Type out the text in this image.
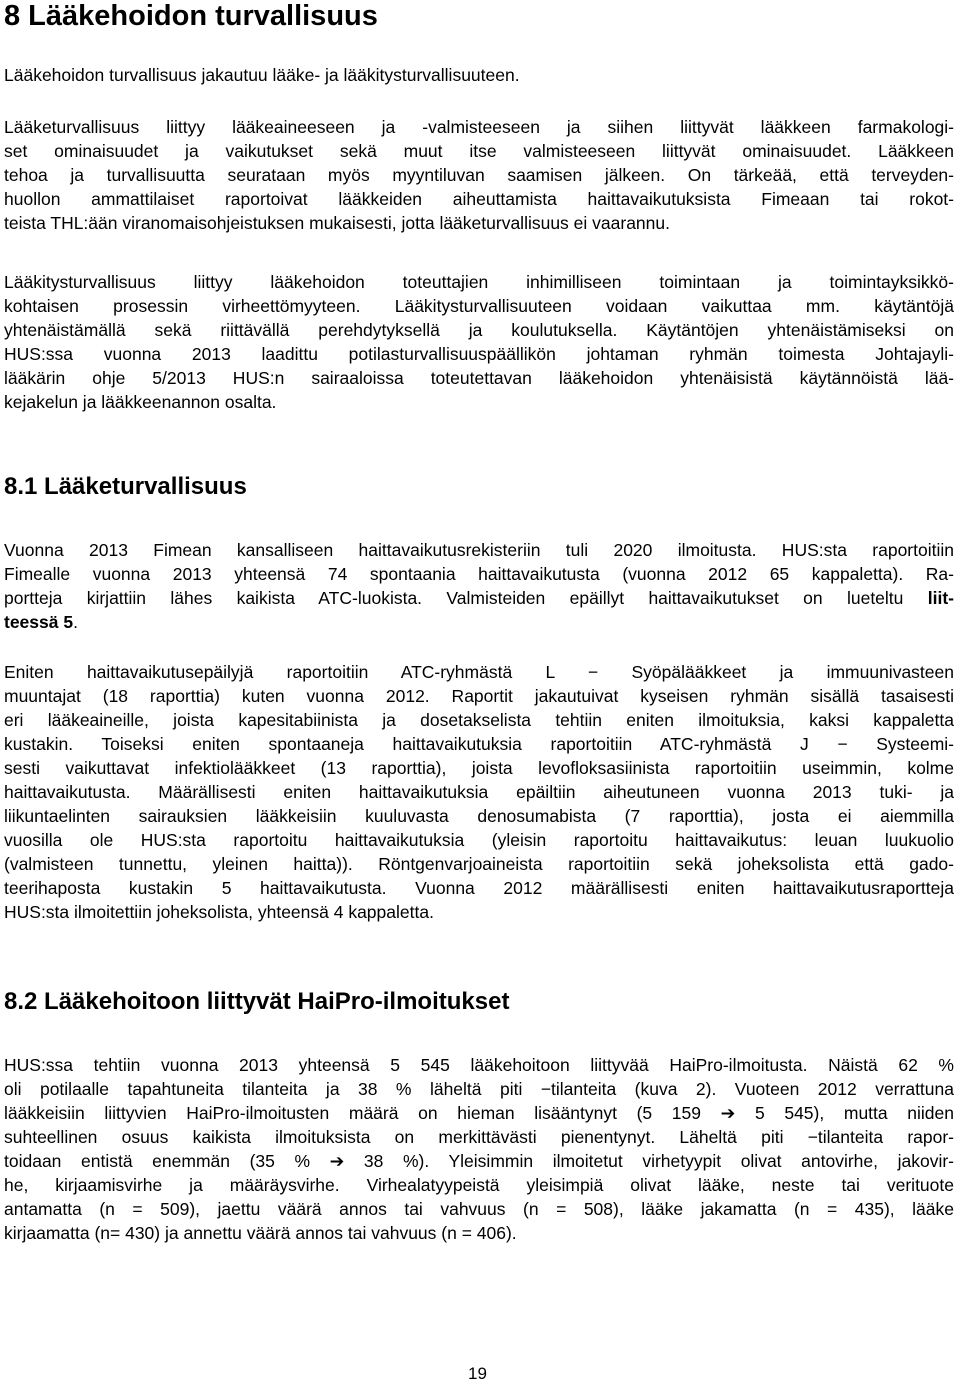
8 Lääkehoidon turvallisuus
Lääkehoidon turvallisuus jakautuu lääke- ja lääkitysturvallisuuteen.
Lääketurvallisuus liittyy lääkeaineeseen ja -valmisteeseen ja siihen liittyvät lääkkeen farmakologi-
set ominaisuudet ja vaikutukset sekä muut itse valmisteeseen liittyvät ominaisuudet. Lääkkeen
tehoa ja turvallisuutta seurataan myös myyntiluvan saamisen jälkeen. On tärkeää, että terveyden-
huollon ammattilaiset raportoivat lääkkeiden aiheuttamista haittavaikutuksista Fimeaan tai rokot-
teista THL:ään viranomaisohjeistuksen mukaisesti, jotta lääketurvallisuus ei vaarannu.
Lääkitysturvallisuus liittyy lääkehoidon toteuttajien inhimilliseen toimintaan ja toimintayksikkö-
kohtaisen prosessin virheettömyyteen. Lääkitysturvallisuuteen voidaan vaikuttaa mm. käytäntöjä
yhtenäistämällä sekä riittävällä perehdytyksellä ja koulutuksella. Käytäntöjen yhtenäistämiseksi on
HUS:ssa vuonna 2013 laadittu potilasturvallisuuspäällikön johtaman ryhmän toimesta Johtajayli-
lääkärin ohje 5/2013 HUS:n sairaaloissa toteutettavan lääkehoidon yhtenäisistä käytännöistä lää-
kejakelun ja lääkkeenannon osalta.
8.1 Lääketurvallisuus
Vuonna 2013 Fimean kansalliseen haittavaikutusrekisteriin tuli 2020 ilmoitusta. HUS:sta raportoitiin
Fimealle vuonna 2013 yhteensä 74 spontaania haittavaikutusta (vuonna 2012 65 kappaletta). Ra-
portteja kirjattiin lähes kaikista ATC-luokista. Valmisteiden epäillyt haittavaikutukset on lueteltu liit-
teessä 5.
Eniten haittavaikutusepäilyjä raportoitiin ATC-ryhmästä L − Syöpälääkkeet ja immuunivasteen
muuntajat (18 raporttia) kuten vuonna 2012. Raportit jakautuivat kyseisen ryhmän sisällä tasaisesti
eri lääkeaineille, joista kapesitabiinista ja dosetakselista tehtiin eniten ilmoituksia, kaksi kappaletta
kustakin. Toiseksi eniten spontaaneja haittavaikutuksia raportoitiin ATC-ryhmästä J − Systeemi-
sesti vaikuttavat infektiolääkkeet (13 raporttia), joista levofloksasiinista raportoitiin useimmin, kolme
haittavaikutusta. Määrällisesti eniten haittavaikutuksia epäiltiin aiheutuneen vuonna 2013 tuki- ja
liikuntaelinten sairauksien lääkkeisiin kuuluvasta denosumabista (7 raporttia), josta ei aiemmilla
vuosilla ole HUS:sta raportoitu haittavaikutuksia (yleisin raportoitu haittavaikutus: leuan luukuolio
(valmisteen tunnettu, yleinen haitta)). Röntgenvarjoaineista raportoitiin sekä joheksolista että gado-
teerihaposta kustakin 5 haittavaikutusta. Vuonna 2012 määrällisesti eniten haittavaikutusraportteja
HUS:sta ilmoitettiin joheksolista, yhteensä 4 kappaletta.
8.2 Lääkehoitoon liittyvät HaiPro-ilmoitukset
HUS:ssa tehtiin vuonna 2013 yhteensä 5 545 lääkehoitoon liittyvää HaiPro-ilmoitusta. Näistä 62 %
oli potilaalle tapahtuneita tilanteita ja 38 % läheltä piti −tilanteita (kuva 2). Vuoteen 2012 verrattuna
lääkkeisiin liittyvien HaiPro-ilmoitusten määrä on hieman lisääntynyt (5 159 ➔ 5 545), mutta niiden
suhteellinen osuus kaikista ilmoituksista on merkittävästi pienentynyt. Läheltä piti −tilanteita rapor-
toidaan entistä enemmän (35 % ➔ 38 %). Yleisimmin ilmoitetut virhetyypit olivat antovirhe, jakovir-
he, kirjaamisvirhe ja määräysvirhe. Virhealatyypeistä yleisimpiä olivat lääke, neste tai verituote
antamatta (n = 509), jaettu väärä annos tai vahvuus (n = 508), lääke jakamatta (n = 435), lääke
kirjaamatta (n= 430) ja annettu väärä annos tai vahvuus (n = 406).
19
